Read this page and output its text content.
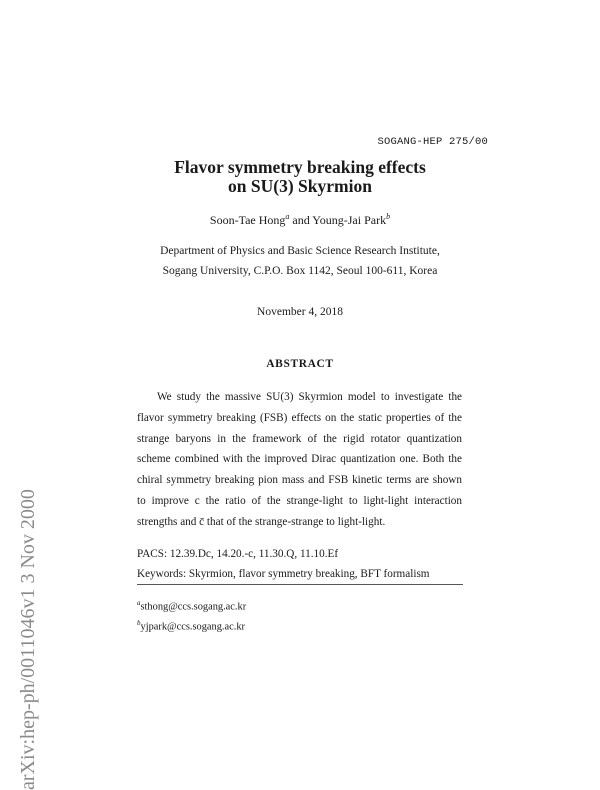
SOGANG-HEP 275/00
arXiv:hep-ph/0011046v1 3 Nov 2000
Flavor symmetry breaking effects
on SU(3) Skyrmion
Soon-Tae Hong$^a$ and Young-Jai Park$^b$
Department of Physics and Basic Science Research Institute,
Sogang University, C.P.O. Box 1142, Seoul 100-611, Korea
November 4, 2018
ABSTRACT

We study the massive SU(3) Skyrmion model to investigate the flavor symmetry breaking (FSB) effects on the static properties of the strange baryons in the framework of the rigid rotator quantization scheme combined with the improved Dirac quantization one. Both the chiral symmetry breaking pion mass and FSB kinetic terms are shown to improve c the ratio of the strange-light to light-light interaction strengths and c̄ that of the strange-strange to light-light.

PACS: 12.39.Dc, 14.20.-c, 11.30.Q, 11.10.Ef
Keywords: Skyrmion, flavor symmetry breaking, BFT formalism
$^a$sthong@ccs.sogang.ac.kr
$^b$yjpark@ccs.sogang.ac.kr
